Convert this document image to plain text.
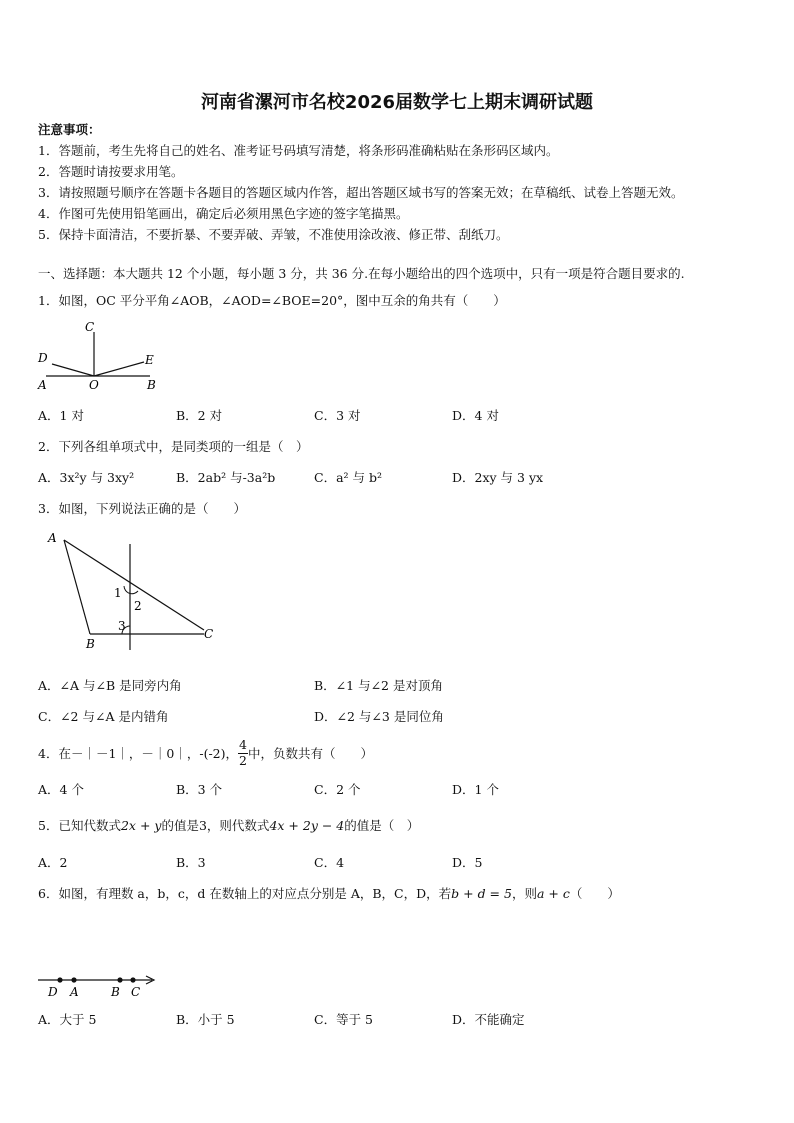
河南省漯河市名校2026届数学七上期末调研试题
注意事项：
1．答题前，考生先将自己的姓名、准考证号码填写清楚，将条形码准确粘贴在条形码区域内。
2．答题时请按要求用笔。
3．请按照题号顺序在答题卡各题目的答题区域内作答，超出答题区域书写的答案无效；在草稿纸、试卷上答题无效。
4．作图可先使用铅笔画出，确定后必须用黑色字迹的签字笔描黑。
5．保持卡面清洁，不要折暴、不要弄破、弄皱，不准使用涂改液、修正带、刮纸刀。
一、选择题：本大题共 12 个小题，每小题 3 分，共 36 分.在每小题给出的四个选项中，只有一项是符合题目要求的.
1．如图，OC 平分平角∠AOB，∠AOD=∠BOE=20°，图中互余的角共有（　　）
C
D	E
A	O	B
A．1 对	B．2 对	C．3 对	D．4 对
2．下列各组单项式中，是同类项的一组是（　）
A．3x²y 与 3xy²	B．2ab² 与-3a²b	C．a² 与 b²	D．2xy 与 3 yx
3．如图，下列说法正确的是（　　）
A
1
2
3
B
C
A．∠A 与∠B 是同旁内角	B．∠1 与∠2 是对顶角
C．∠2 与∠A 是内错角	D．∠2 与∠3 是同位角
4．在－｜－1｜，－｜0｜，-(-2)， $\frac{4}{2}$ 中，负数共有（　　）
A．4 个	B．3 个	C．2 个	D．1 个
5．已知代数式2x + y的值是3，则代数式4x + 2y − 4的值是（　）
A．2	B．3	C．4	D．5
6．如图，有理数 a，b，c，d 在数轴上的对应点分别是 A，B，C，D，若b + d = 5，则a + c（　　）
D A	B C
A．大于 5	B．小于 5	C．等于 5	D．不能确定
